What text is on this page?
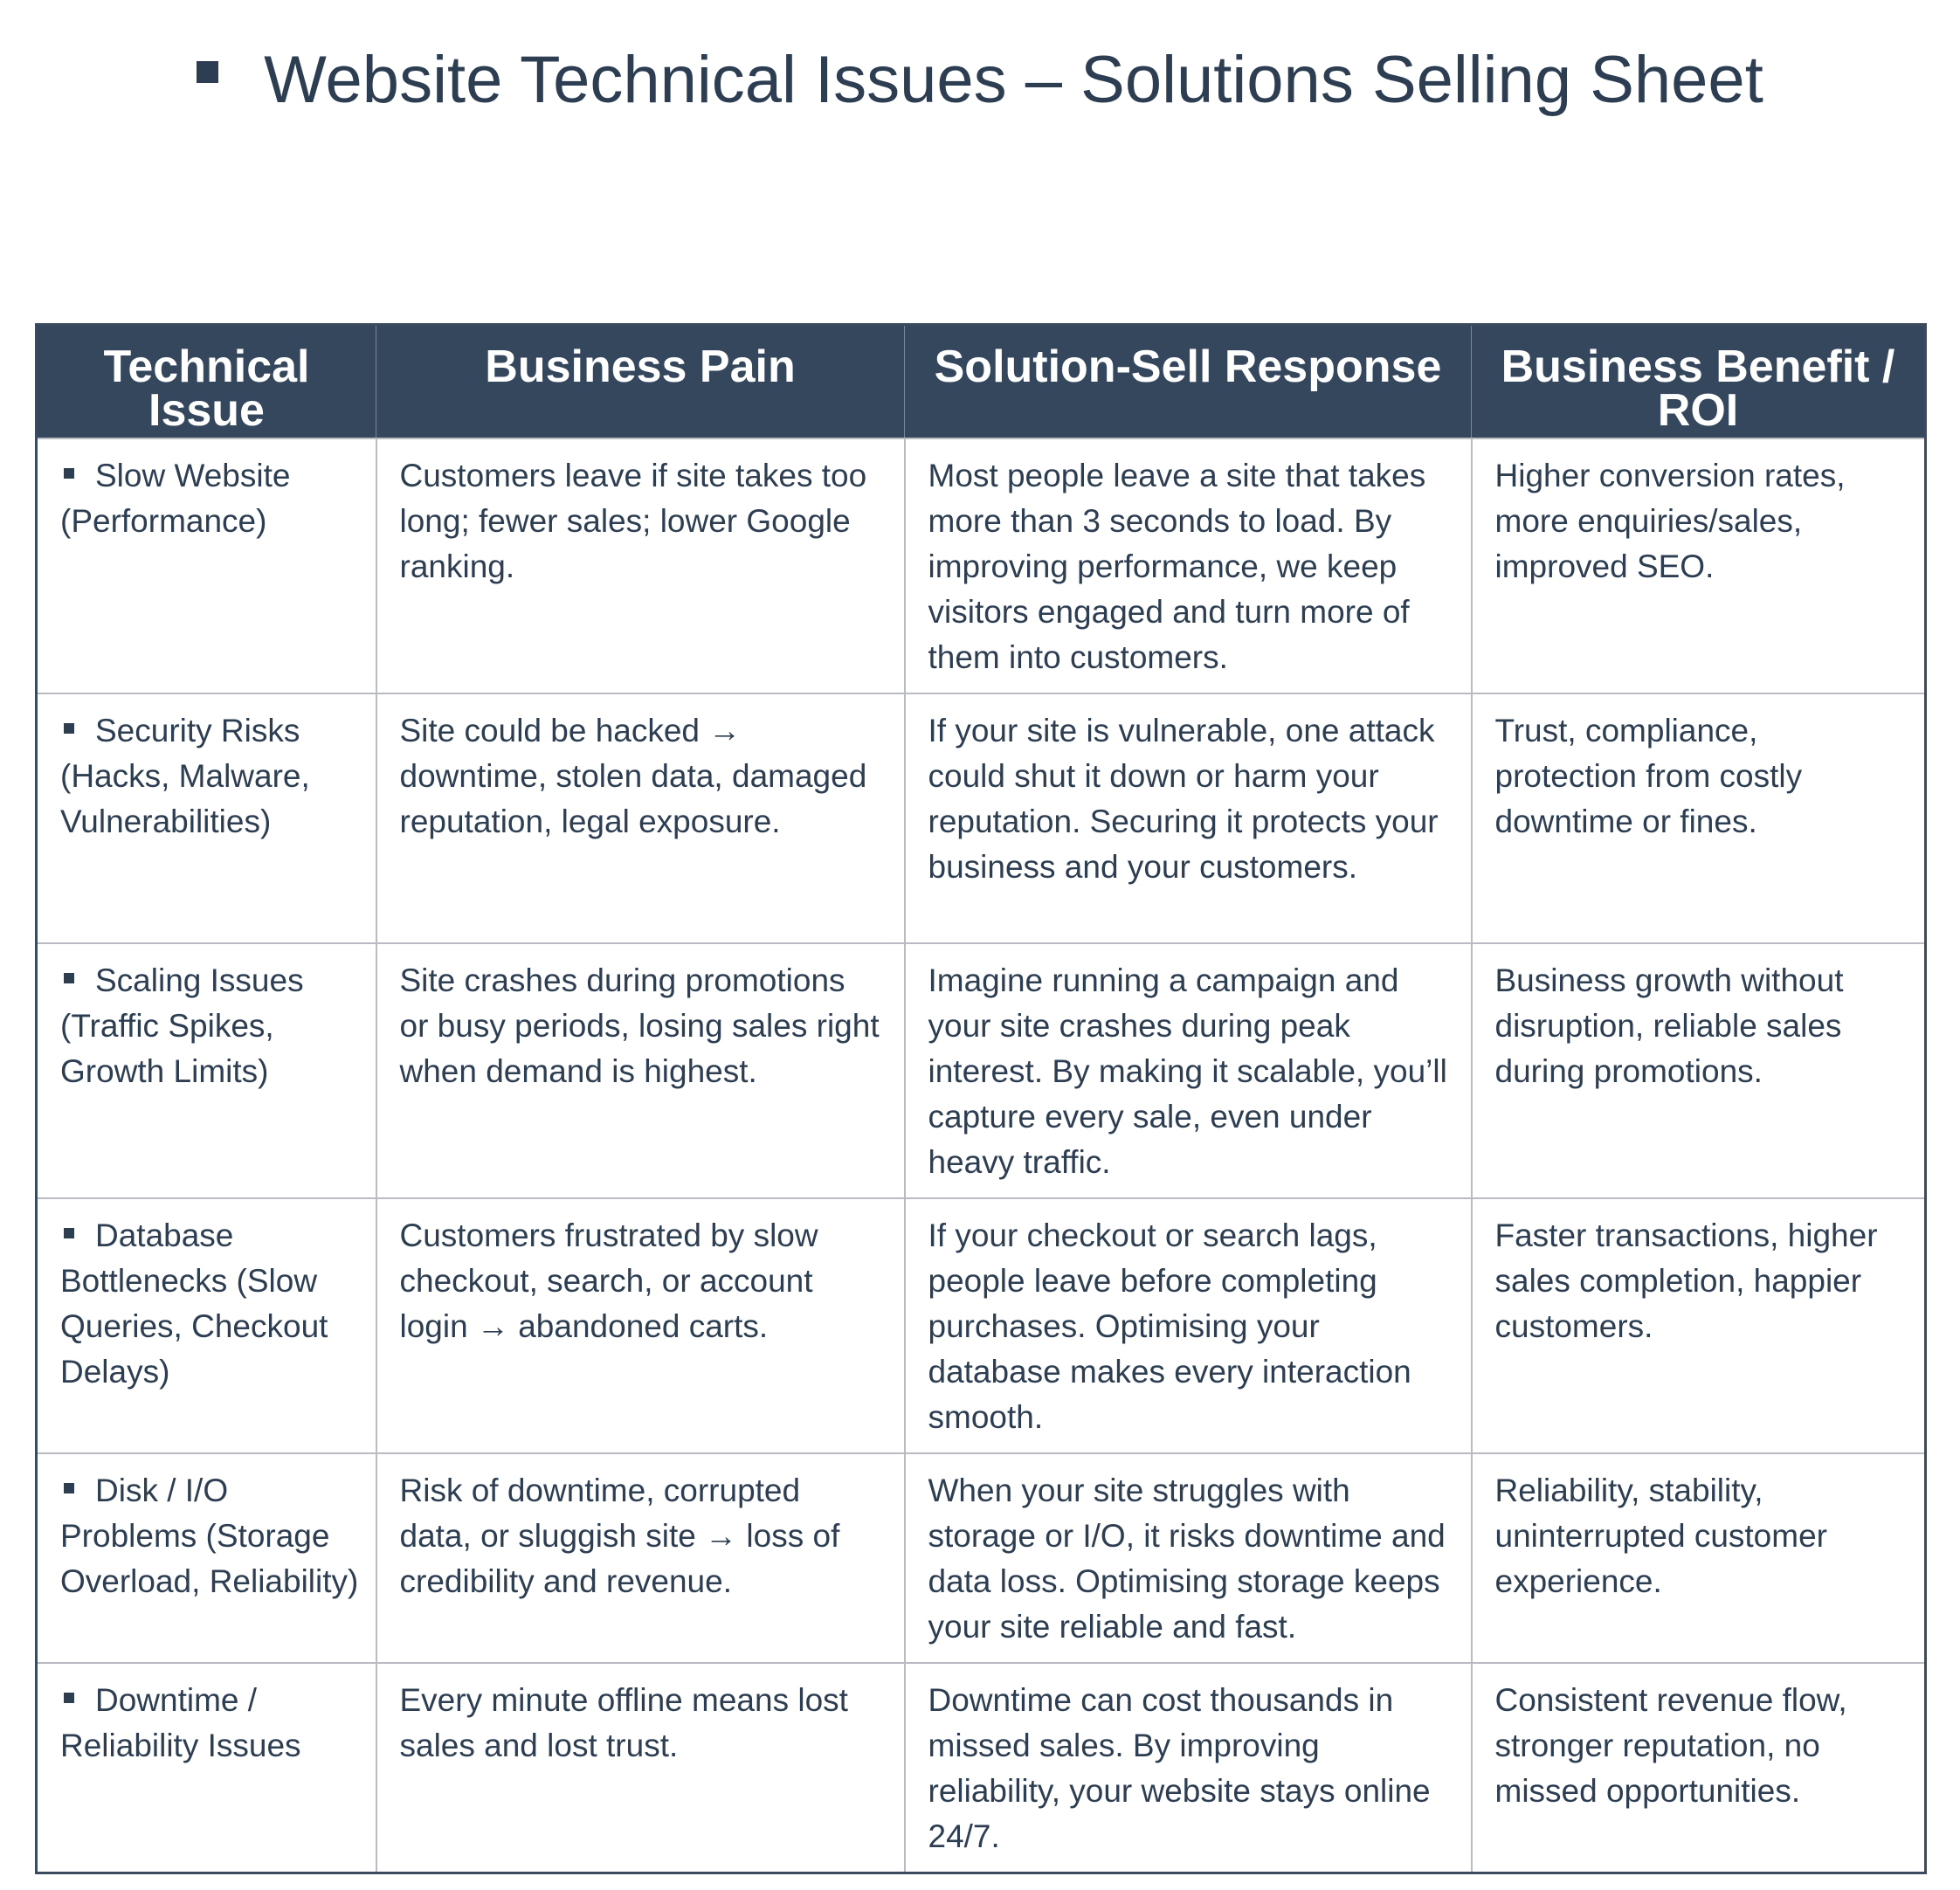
Website Technical Issues – Solutions Selling Sheet
Technical Issue	Business Pain	Solution-Sell Response	Business Benefit / ROI
Slow Website (Performance)	Customers leave if site takes too long; fewer sales; lower Google ranking.	Most people leave a site that takes more than 3 seconds to load. By improving performance, we keep visitors engaged and turn more of them into customers.	Higher conversion rates, more enquiries/sales, improved SEO.
Security Risks (Hacks, Malware, Vulnerabilities)	Site could be hacked → downtime, stolen data, damaged reputation, legal exposure.	If your site is vulnerable, one attack could shut it down or harm your reputation. Securing it protects your business and your customers.	Trust, compliance, protection from costly downtime or fines.
Scaling Issues (Traffic Spikes, Growth Limits)	Site crashes during promotions or busy periods, losing sales right when demand is highest.	Imagine running a campaign and your site crashes during peak interest. By making it scalable, you’ll capture every sale, even under heavy traffic.	Business growth without disruption, reliable sales during promotions.
Database Bottlenecks (Slow Queries, Checkout Delays)	Customers frustrated by slow checkout, search, or account login → abandoned carts.	If your checkout or search lags, people leave before completing purchases. Optimising your database makes every interaction smooth.	Faster transactions, higher sales completion, happier customers.
Disk / I/O Problems (Storage Overload, Reliability)	Risk of downtime, corrupted data, or sluggish site → loss of credibility and revenue.	When your site struggles with storage or I/O, it risks downtime and data loss. Optimising storage keeps your site reliable and fast.	Reliability, stability, uninterrupted customer experience.
Downtime / Reliability Issues	Every minute offline means lost sales and lost trust.	Downtime can cost thousands in missed sales. By improving reliability, your website stays online 24/7.	Consistent revenue flow, stronger reputation, no missed opportunities.
